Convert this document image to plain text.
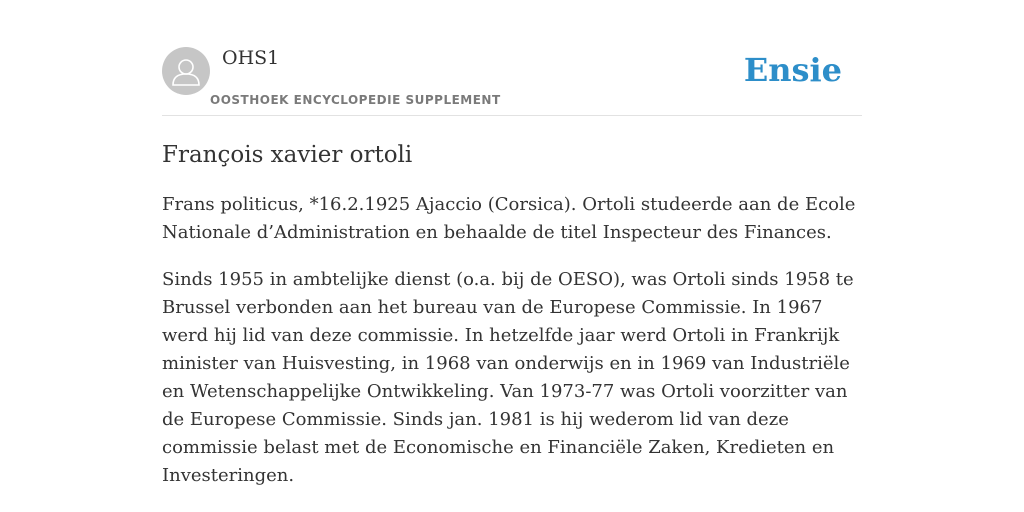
OHS1
OOSTHOEK ENCYCLOPEDIE SUPPLEMENT
Ensie
François xavier ortoli

Frans politicus, *16.2.1925 Ajaccio (Corsica). Ortoli studeerde aan de Ecole Nationale d’Administration en behaalde de titel Inspecteur des Finances.

Sinds 1955 in ambtelijke dienst (o.a. bij de OESO), was Ortoli sinds 1958 te Brussel verbonden aan het bureau van de Europese Commissie. In 1967 werd hij lid van deze commissie. In hetzelfde jaar werd Ortoli in Frankrijk minister van Huisvesting, in 1968 van onderwijs en in 1969 van Industriële en Wetenschappelijke Ontwikkeling. Van 1973-77 was Ortoli voorzitter van de Europese Commissie. Sinds jan. 1981 is hij wederom lid van deze commissie belast met de Economische en Financiële Zaken, Kredieten en Investeringen.
